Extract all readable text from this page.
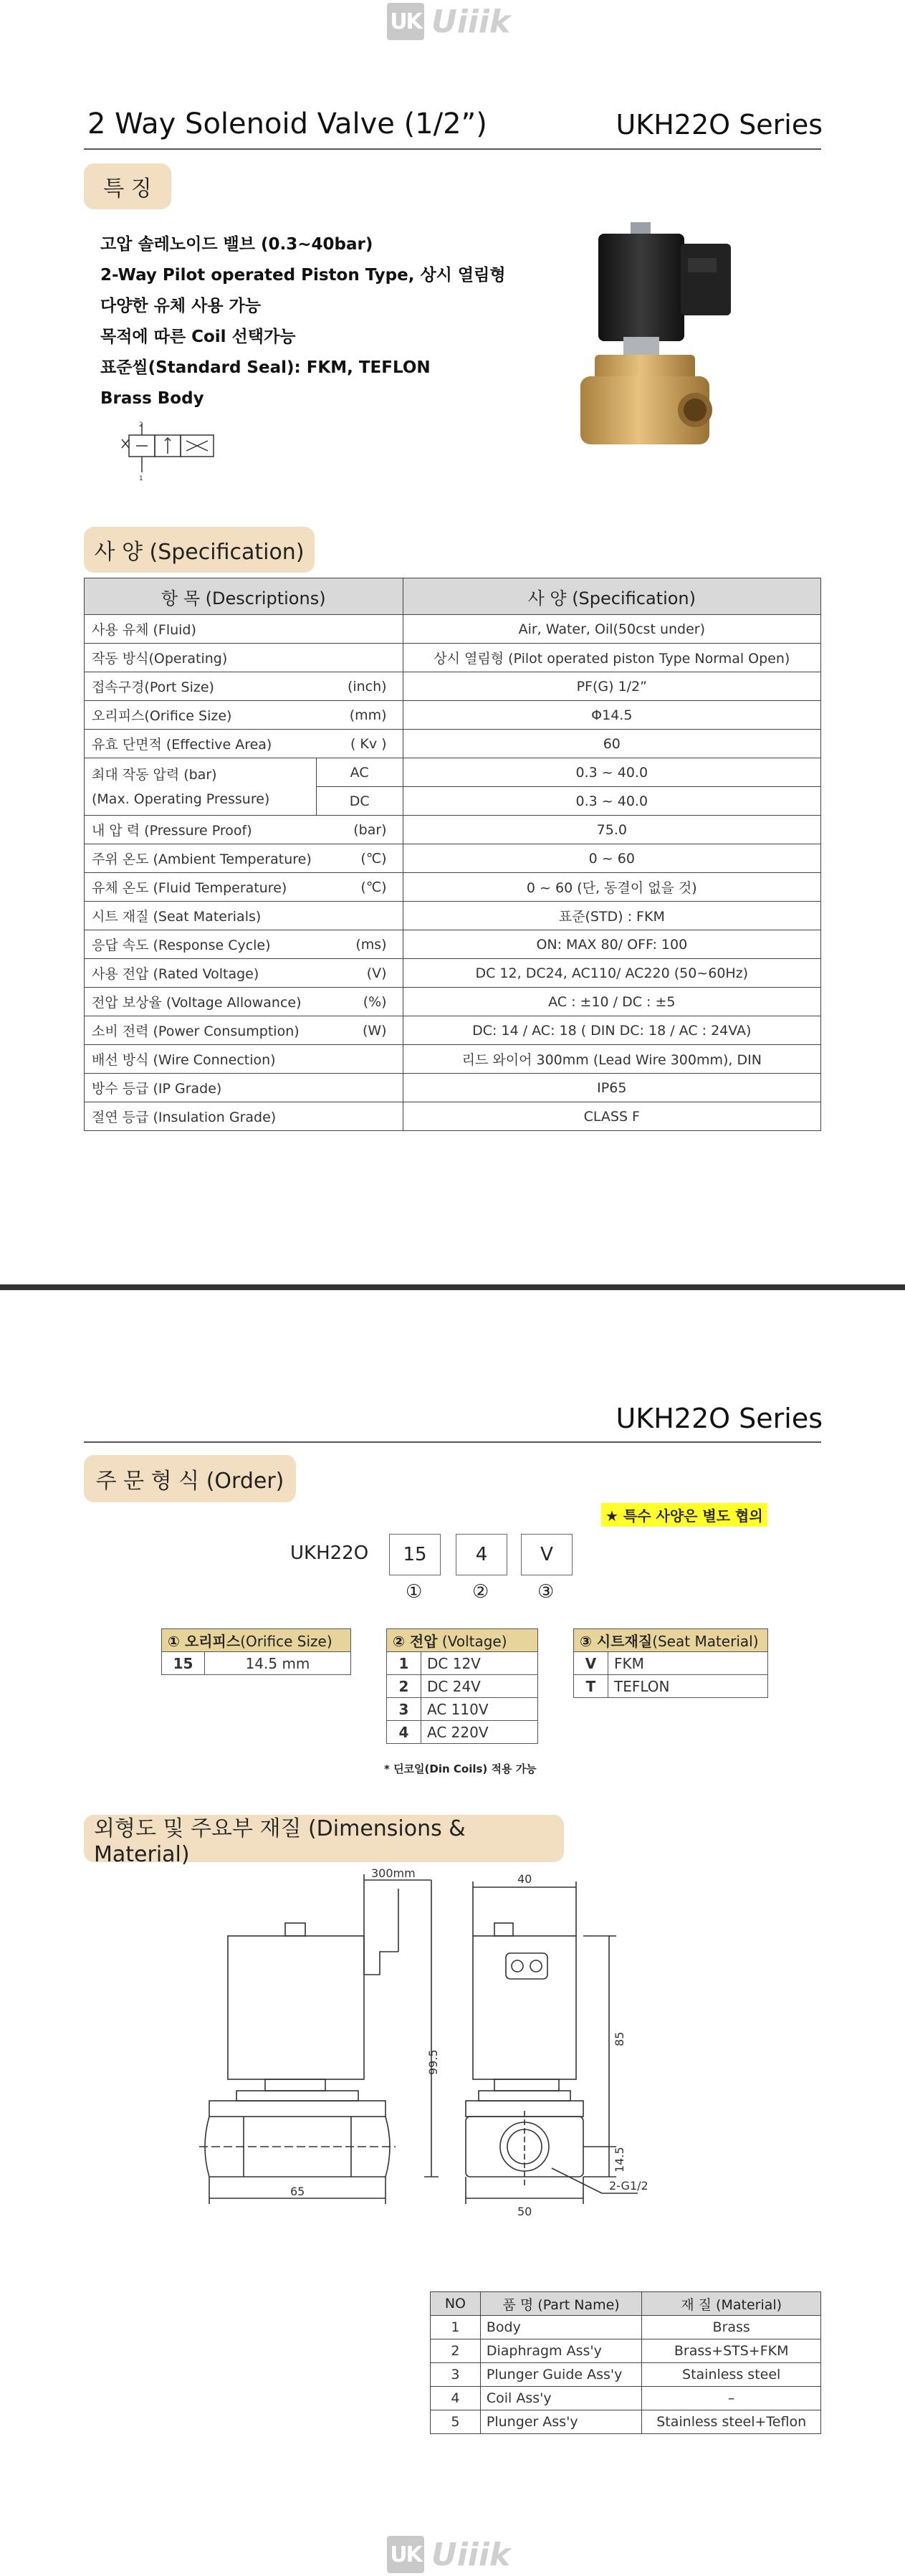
UK Uiiik
2 Way Solenoid Valve (1/2”)	UKH22O Series
특 징
고압 솔레노이드 밸브 (0.3~40bar)
2-Way Pilot operated Piston Type, 상시 열림형
다양한 유체 사용 가능
목적에 따른 Coil 선택가능
표준씰(Standard Seal): FKM, TEFLON
Brass Body
2
1
사 양 (Specification)
항 목 (Descriptions)		사 양 (Specification)
사용 유체 (Fluid)		Air, Water, Oil(50cst under)
작동 방식(Operating)		상시 열림형 (Pilot operated piston Type Normal Open)
접속구경(Port Size) (inch)		PF(G) 1/2”
오리피스(Orifice Size) (mm)		Φ14.5
유효 단면적 (Effective Area) ( Kv )		60

최대 작동 압력 (bar)
(Max. Operating Pressure)	AC	0.3 ~ 40.0
	DC	0.3 ~ 40.0
내 압 력 (Pressure Proof) (bar)		75.0
주위 온도 (Ambient Temperature) (℃)		0 ~ 60
유체 온도 (Fluid Temperature) (℃)		0 ~ 60 (단, 동결이 없을 것)
시트 재질 (Seat Materials)		표준(STD) : FKM
응답 속도 (Response Cycle) (ms)		ON: MAX 80/ OFF: 100
사용 전압 (Rated Voltage) (V)		DC 12, DC24, AC110/ AC220 (50~60Hz)
전압 보상율 (Voltage Allowance) (%)		AC : ±10 / DC : ±5
소비 전력 (Power Consumption) (W)		DC: 14 / AC: 18 ( DIN DC: 18 / AC : 24VA)
배선 방식 (Wire Connection)		리드 와이어 300mm (Lead Wire 300mm), DIN
방수 등급 (IP Grade)		IP65
절연 등급 (Insulation Grade)		CLASS F
UKH22O Series
주 문 형 식 (Order)
★ 특수 사양은 별도 협의
UKH22O	15	4	V
①	②	③
① 오리피스(Orifice Size)
15	14.5 mm
② 전압 (Voltage)	
1	DC 12V
2	DC 24V
3	AC 110V
4	AC 220V
③ 시트재질(Seat Material)	
V	FKM
T	TEFLON
* 딘코일(Din Coils) 적용 가능
외형도 및 주요부 재질 (Dimensions & Material)
300mm
99.5
65
40
85
14.5
50
2-G1/2
NO	품 명 (Part Name)	재 질 (Material)
1	Body	Brass
2	Diaphragm Ass'y	Brass+STS+FKM
3	Plunger Guide Ass'y	Stainless steel
4	Coil Ass'y	–
5	Plunger Ass'y	Stainless steel+Teflon
UK Uiiik
